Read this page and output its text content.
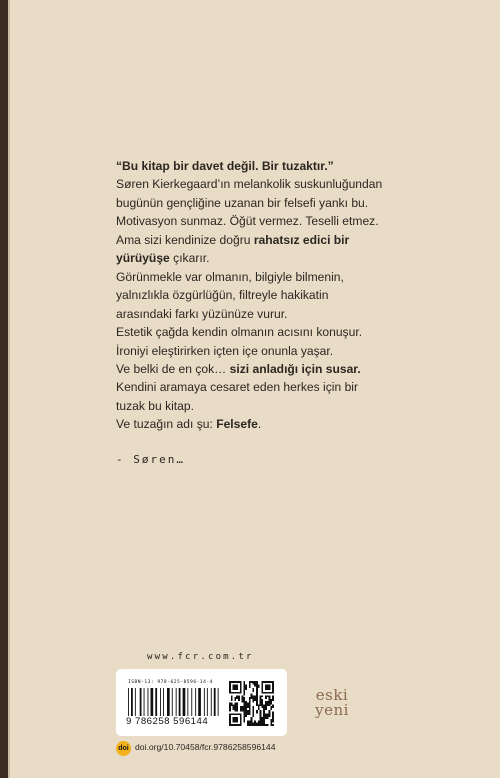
“Bu kitap bir davet değil. Bir tuzaktır.”
Søren Kierkegaard’ın melankolik suskunluğundan
bugünün gençliğine uzanan bir felsefi yankı bu.
Motivasyon sunmaz. Öğüt vermez. Teselli etmez.
Ama sizi kendinize doğru rahatsız edici bir
yürüyüşe çıkarır.
Görünmekle var olmanın, bilgiyle bilmenin,
yalnızlıkla özgürlüğün, filtreyle hakikatin
arasındaki farkı yüzünüze vurur.
Estetik çağda kendin olmanın acısını konuşur.
İroniyi eleştirirken içten içe onunla yaşar.
Ve belki de en çok… sizi anladığı için susar.
Kendini aramaya cesaret eden herkes için bir
tuzak bu kitap.
Ve tuzağın adı şu: Felsefe.
- Søren…
www.fcr.com.tr
ISBN-13: 978-625-8596-14-4
9 786258 596144
eski
yeni
doi doi.org/10.70458/fcr.9786258596144
